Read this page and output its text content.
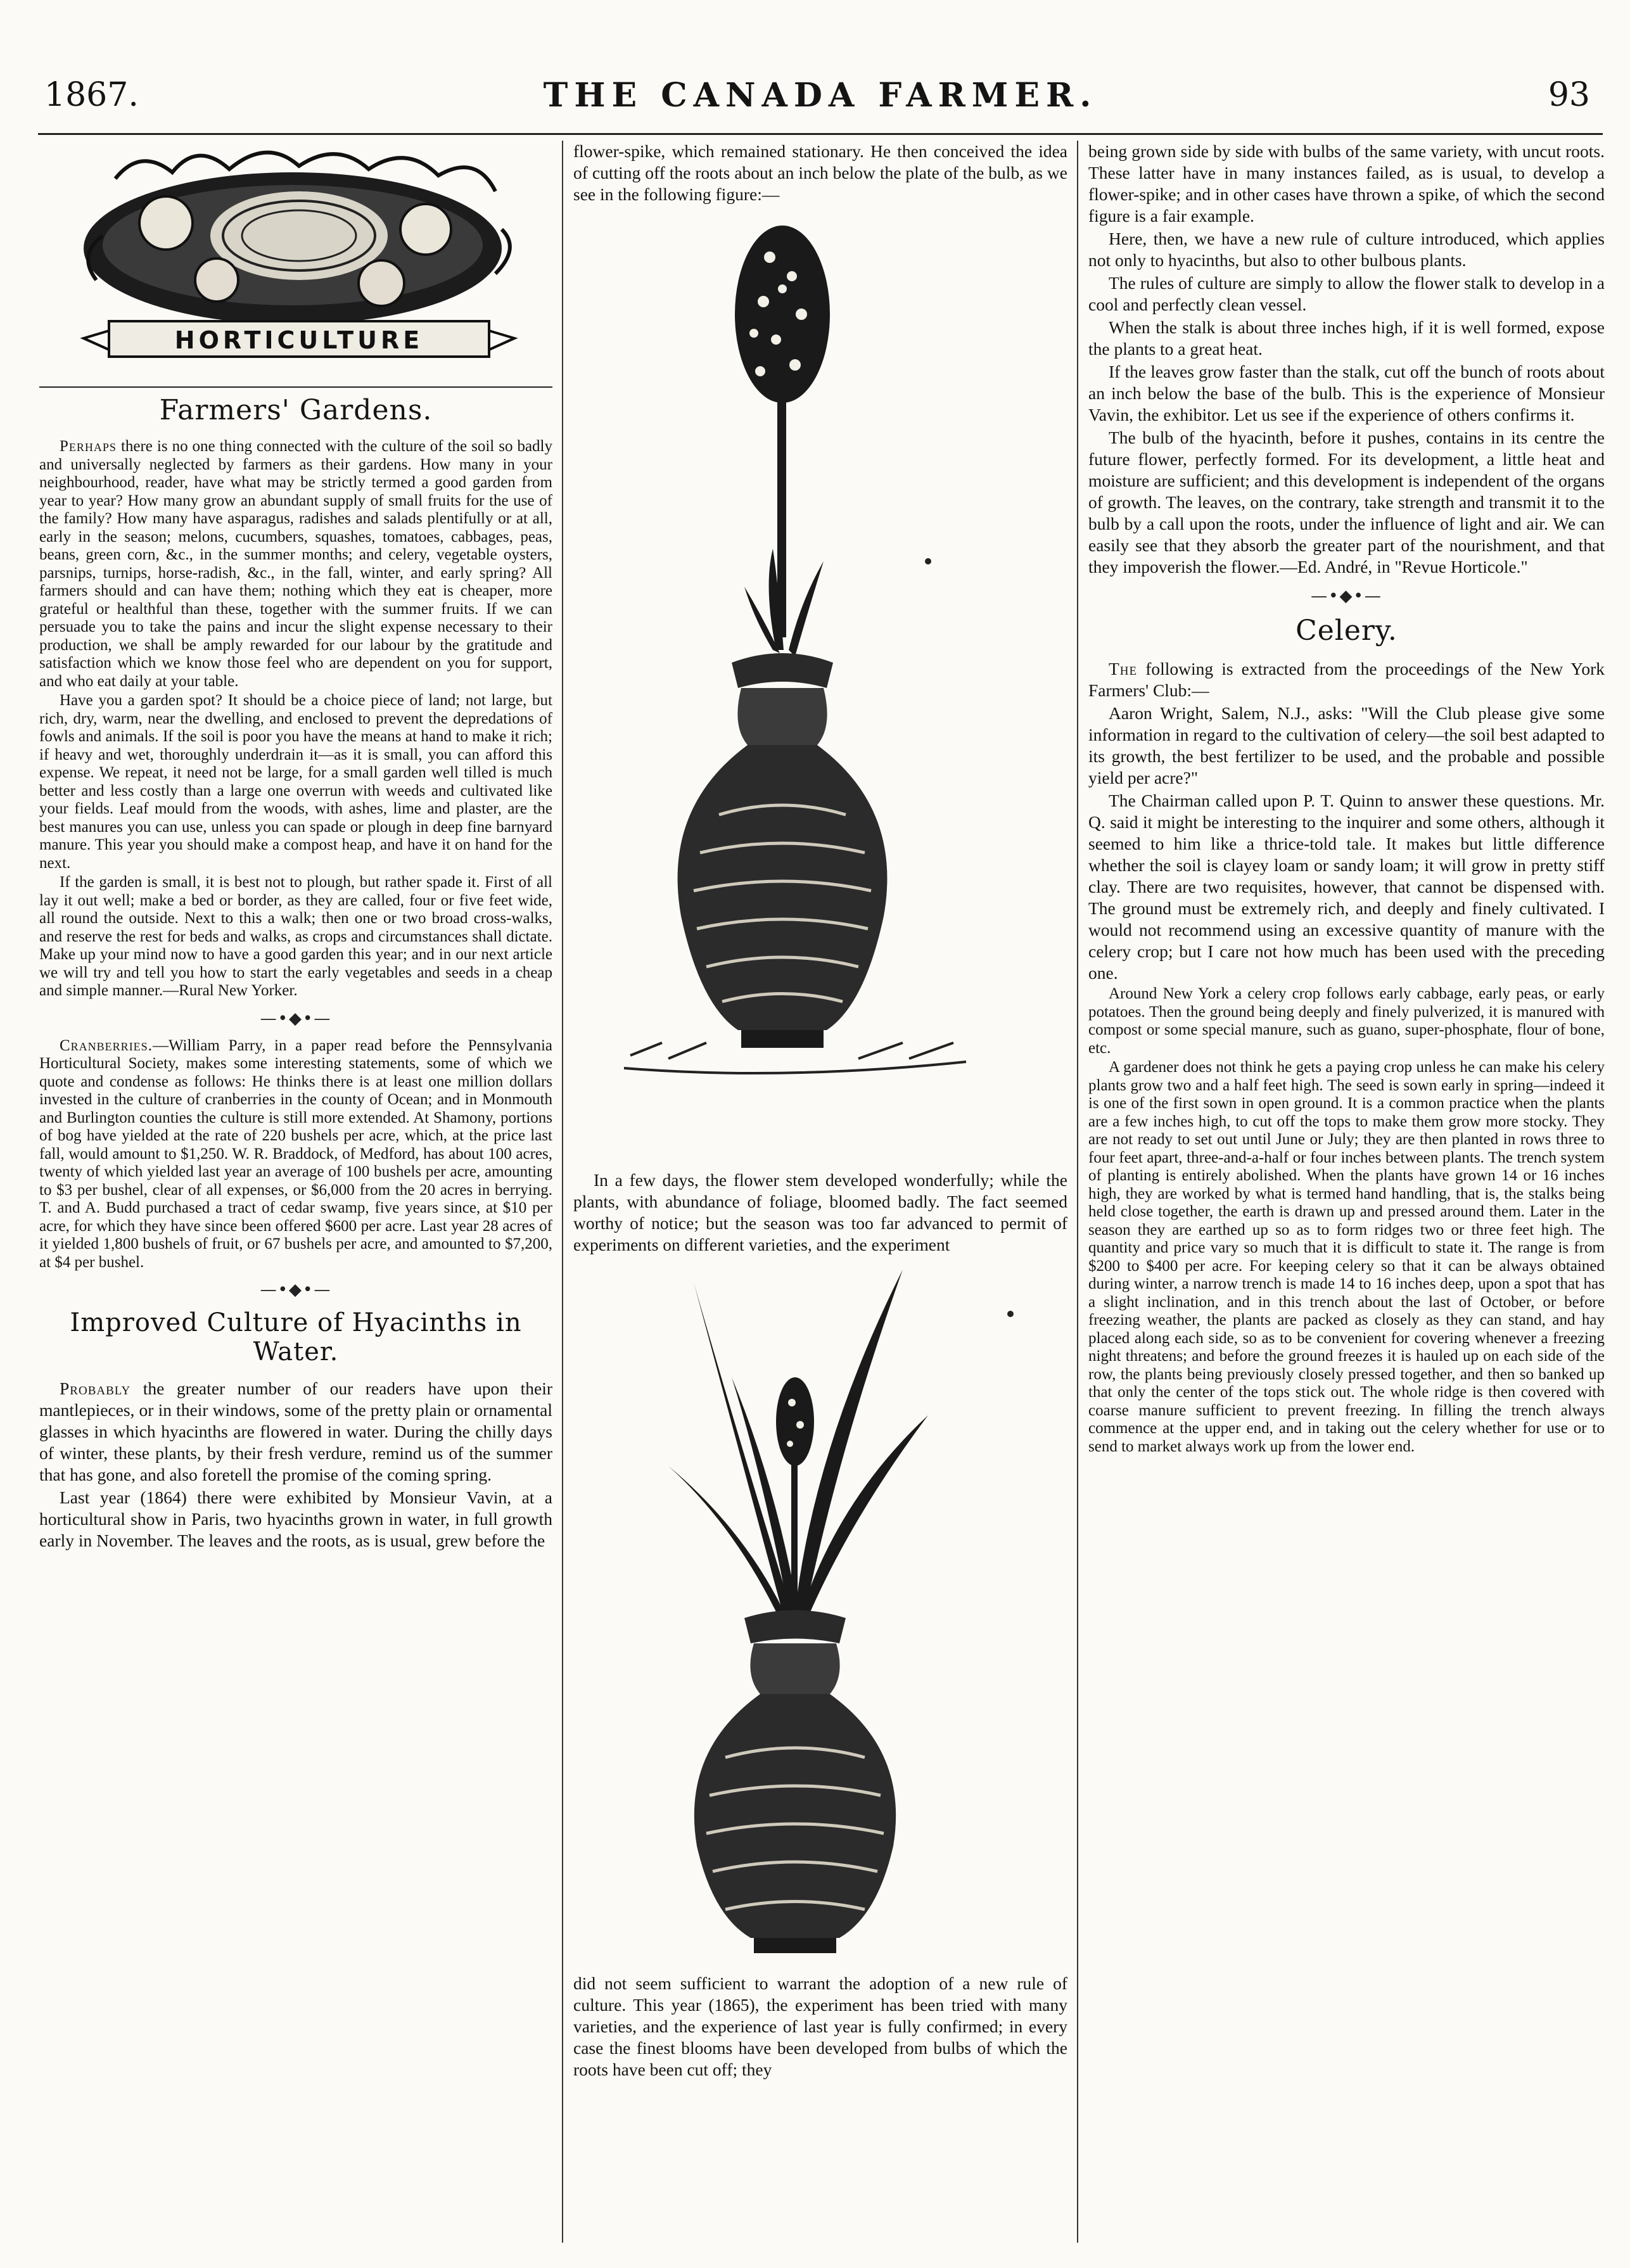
1867.	THE CANADA FARMER.	93
HORTICULTURE
Farmers' Gardens.

Perhaps there is no one thing connected with the culture of the soil so badly and universally neglected by farmers as their gardens. How many in your neighbourhood, reader, have what may be strictly termed a good garden from year to year? How many grow an abundant supply of small fruits for the use of the family? How many have asparagus, radishes and salads plentifully or at all, early in the season; melons, cucumbers, squashes, tomatoes, cabbages, peas, beans, green corn, &c., in the summer months; and celery, vegetable oysters, parsnips, turnips, horse-radish, &c., in the fall, winter, and early spring? All farmers should and can have them; nothing which they eat is cheaper, more grateful or healthful than these, together with the summer fruits. If we can persuade you to take the pains and incur the slight expense necessary to their production, we shall be amply rewarded for our labour by the gratitude and satisfaction which we know those feel who are dependent on you for support, and who eat daily at your table.

Have you a garden spot? It should be a choice piece of land; not large, but rich, dry, warm, near the dwelling, and enclosed to prevent the depredations of fowls and animals. If the soil is poor you have the means at hand to make it rich; if heavy and wet, thoroughly underdrain it—as it is small, you can afford this expense. We repeat, it need not be large, for a small garden well tilled is much better and less costly than a large one overrun with weeds and cultivated like your fields. Leaf mould from the woods, with ashes, lime and plaster, are the best manures you can use, unless you can spade or plough in deep fine barnyard manure. This year you should make a compost heap, and have it on hand for the next.

If the garden is small, it is best not to plough, but rather spade it. First of all lay it out well; make a bed or border, as they are called, four or five feet wide, all round the outside. Next to this a walk; then one or two broad cross-walks, and reserve the rest for beds and walks, as crops and circumstances shall dictate. Make up your mind now to have a good garden this year; and in our next article we will try and tell you how to start the early vegetables and seeds in a cheap and simple manner.—Rural New Yorker.

—•◆•—

Cranberries.—William Parry, in a paper read before the Pennsylvania Horticultural Society, makes some interesting statements, some of which we quote and condense as follows: He thinks there is at least one million dollars invested in the culture of cranberries in the county of Ocean; and in Monmouth and Burlington counties the culture is still more extended. At Shamony, portions of bog have yielded at the rate of 220 bushels per acre, which, at the price last fall, would amount to $1,250. W. R. Braddock, of Medford, has about 100 acres, twenty of which yielded last year an average of 100 bushels per acre, amounting to $3 per bushel, clear of all expenses, or $6,000 from the 20 acres in berrying. T. and A. Budd purchased a tract of cedar swamp, five years since, at $10 per acre, for which they have since been offered $600 per acre. Last year 28 acres of it yielded 1,800 bushels of fruit, or 67 bushels per acre, and amounted to $7,200, at $4 per bushel.

—•◆•—
Improved Culture of Hyacinths in Water.

Probably the greater number of our readers have upon their mantlepieces, or in their windows, some of the pretty plain or ornamental glasses in which hyacinths are flowered in water. During the chilly days of winter, these plants, by their fresh verdure, remind us of the summer that has gone, and also foretell the promise of the coming spring.

Last year (1864) there were exhibited by Monsieur Vavin, at a horticultural show in Paris, two hyacinths grown in water, in full growth early in November. The leaves and the roots, as is usual, grew before the

flower-spike, which remained stationary. He then conceived the idea of cutting off the roots about an inch below the plate of the bulb, as we see in the following figure:—

In a few days, the flower stem developed wonderfully; while the plants, with abundance of foliage, bloomed badly. The fact seemed worthy of notice; but the season was too far advanced to permit of experiments on different varieties, and the experiment

did not seem sufficient to warrant the adoption of a new rule of culture. This year (1865), the experiment has been tried with many varieties, and the experience of last year is fully confirmed; in every case the finest blooms have been developed from bulbs of which the roots have been cut off; they

being grown side by side with bulbs of the same variety, with uncut roots. These latter have in many instances failed, as is usual, to develop a flower-spike; and in other cases have thrown a spike, of which the second figure is a fair example.

Here, then, we have a new rule of culture introduced, which applies not only to hyacinths, but also to other bulbous plants.

The rules of culture are simply to allow the flower stalk to develop in a cool and perfectly clean vessel.

When the stalk is about three inches high, if it is well formed, expose the plants to a great heat.

If the leaves grow faster than the stalk, cut off the bunch of roots about an inch below the base of the bulb. This is the experience of Monsieur Vavin, the exhibitor. Let us see if the experience of others confirms it.

The bulb of the hyacinth, before it pushes, contains in its centre the future flower, perfectly formed. For its development, a little heat and moisture are sufficient; and this development is independent of the organs of growth. The leaves, on the contrary, take strength and transmit it to the bulb by a call upon the roots, under the influence of light and air. We can easily see that they absorb the greater part of the nourishment, and that they impoverish the flower.—Ed. André, in "Revue Horticole."

—•◆•—
Celery.

The following is extracted from the proceedings of the New York Farmers' Club:—

Aaron Wright, Salem, N.J., asks: "Will the Club please give some information in regard to the cultivation of celery—the soil best adapted to its growth, the best fertilizer to be used, and the probable and possible yield per acre?"

The Chairman called upon P. T. Quinn to answer these questions. Mr. Q. said it might be interesting to the inquirer and some others, although it seemed to him like a thrice-told tale. It makes but little difference whether the soil is clayey loam or sandy loam; it will grow in pretty stiff clay. There are two requisites, however, that cannot be dispensed with. The ground must be extremely rich, and deeply and finely cultivated. I would not recommend using an excessive quantity of manure with the celery crop; but I care not how much has been used with the preceding one.

Around New York a celery crop follows early cabbage, early peas, or early potatoes. Then the ground being deeply and finely pulverized, it is manured with compost or some special manure, such as guano, super-phosphate, flour of bone, etc.

A gardener does not think he gets a paying crop unless he can make his celery plants grow two and a half feet high. The seed is sown early in spring—indeed it is one of the first sown in open ground. It is a common practice when the plants are a few inches high, to cut off the tops to make them grow more stocky. They are not ready to set out until June or July; they are then planted in rows three to four feet apart, three-and-a-half or four inches between plants. The trench system of planting is entirely abolished. When the plants have grown 14 or 16 inches high, they are worked by what is termed hand handling, that is, the stalks being held close together, the earth is drawn up and pressed around them. Later in the season they are earthed up so as to form ridges two or three feet high. The quantity and price vary so much that it is difficult to state it. The range is from $200 to $400 per acre. For keeping celery so that it can be always obtained during winter, a narrow trench is made 14 to 16 inches deep, upon a spot that has a slight inclination, and in this trench about the last of October, or before freezing weather, the plants are packed as closely as they can stand, and hay placed along each side, so as to be convenient for covering whenever a freezing night threatens; and before the ground freezes it is hauled up on each side of the row, the plants being previously closely pressed together, and then so banked up that only the center of the tops stick out. The whole ridge is then covered with coarse manure sufficient to prevent freezing. In filling the trench always commence at the upper end, and in taking out the celery whether for use or to send to market always work up from the lower end.
